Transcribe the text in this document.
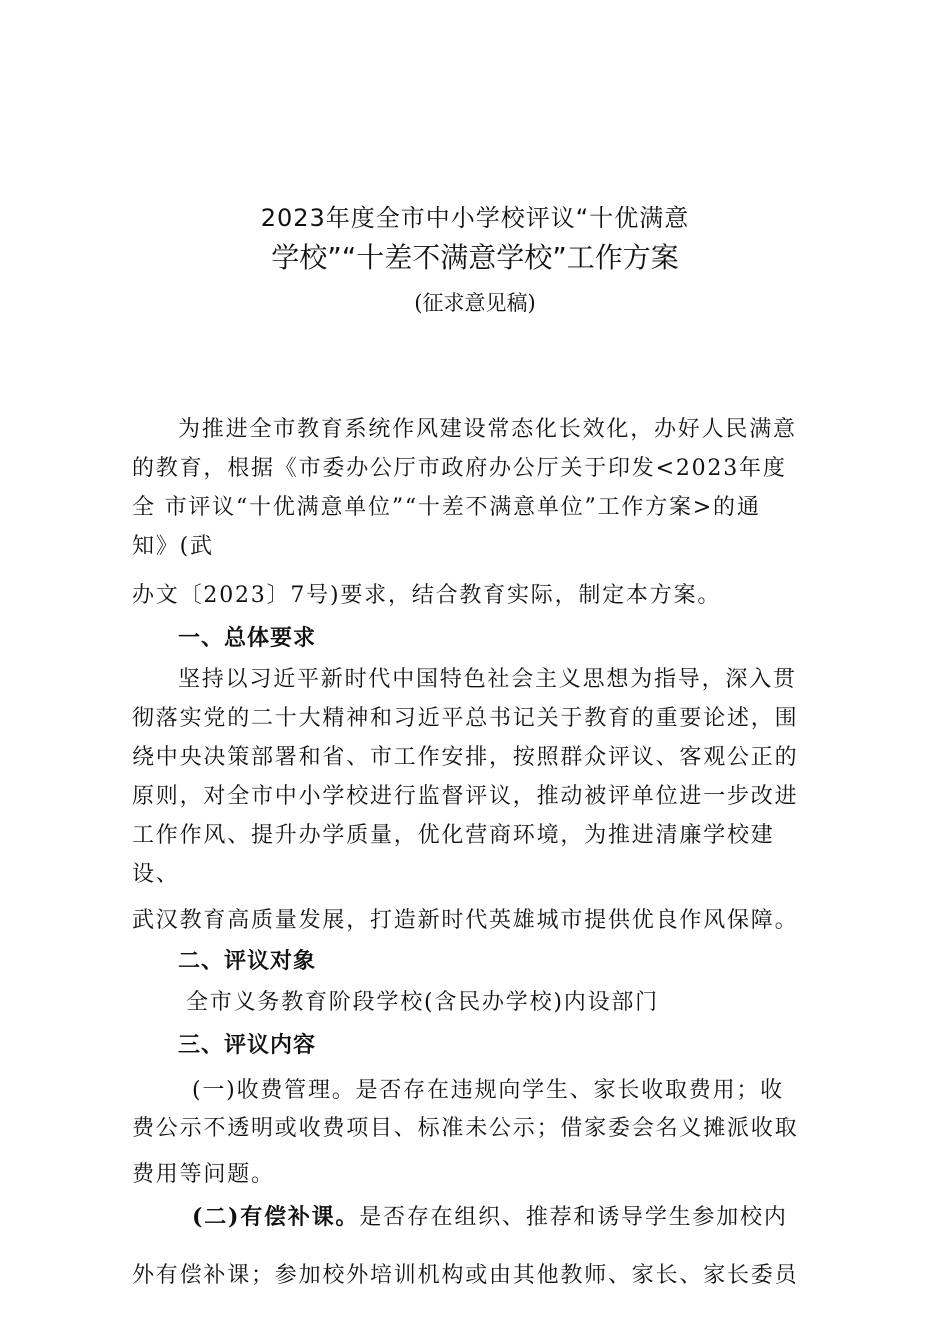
2023年度全市中小学校评议“十优满意
学校”“十差不满意学校”工作方案
(征求意见稿)
为推进全市教育系统作风建设常态化长效化，办好人民满意
的教育，根据《市委办公厅市政府办公厅关于印发<2023年度
全 市评议“十优满意单位”“十差不满意单位”工作方案>的通
知》(武
办文〔2023〕7号)要求，结合教育实际，制定本方案。
一、总体要求
坚持以习近平新时代中国特色社会主义思想为指导，深入贯
彻落实党的二十大精神和习近平总书记关于教育的重要论述，围
绕中央决策部署和省、市工作安排，按照群众评议、客观公正的
原则，对全市中小学校进行监督评议，推动被评单位进一步改进
工作作风、提升办学质量，优化营商环境，为推进清廉学校建
设、
武汉教育高质量发展，打造新时代英雄城市提供优良作风保障。
二、评议对象
全市义务教育阶段学校(含民办学校)内设部门
三、评议内容
(一)收费管理。是否存在违规向学生、家长收取费用；收
费公示不透明或收费项目、标准未公示；借家委会名义摊派收取
费用等问题。
(二)有偿补课。是否存在组织、推荐和诱导学生参加校内
外有偿补课；参加校外培训机构或由其他教师、家长、家长委员
